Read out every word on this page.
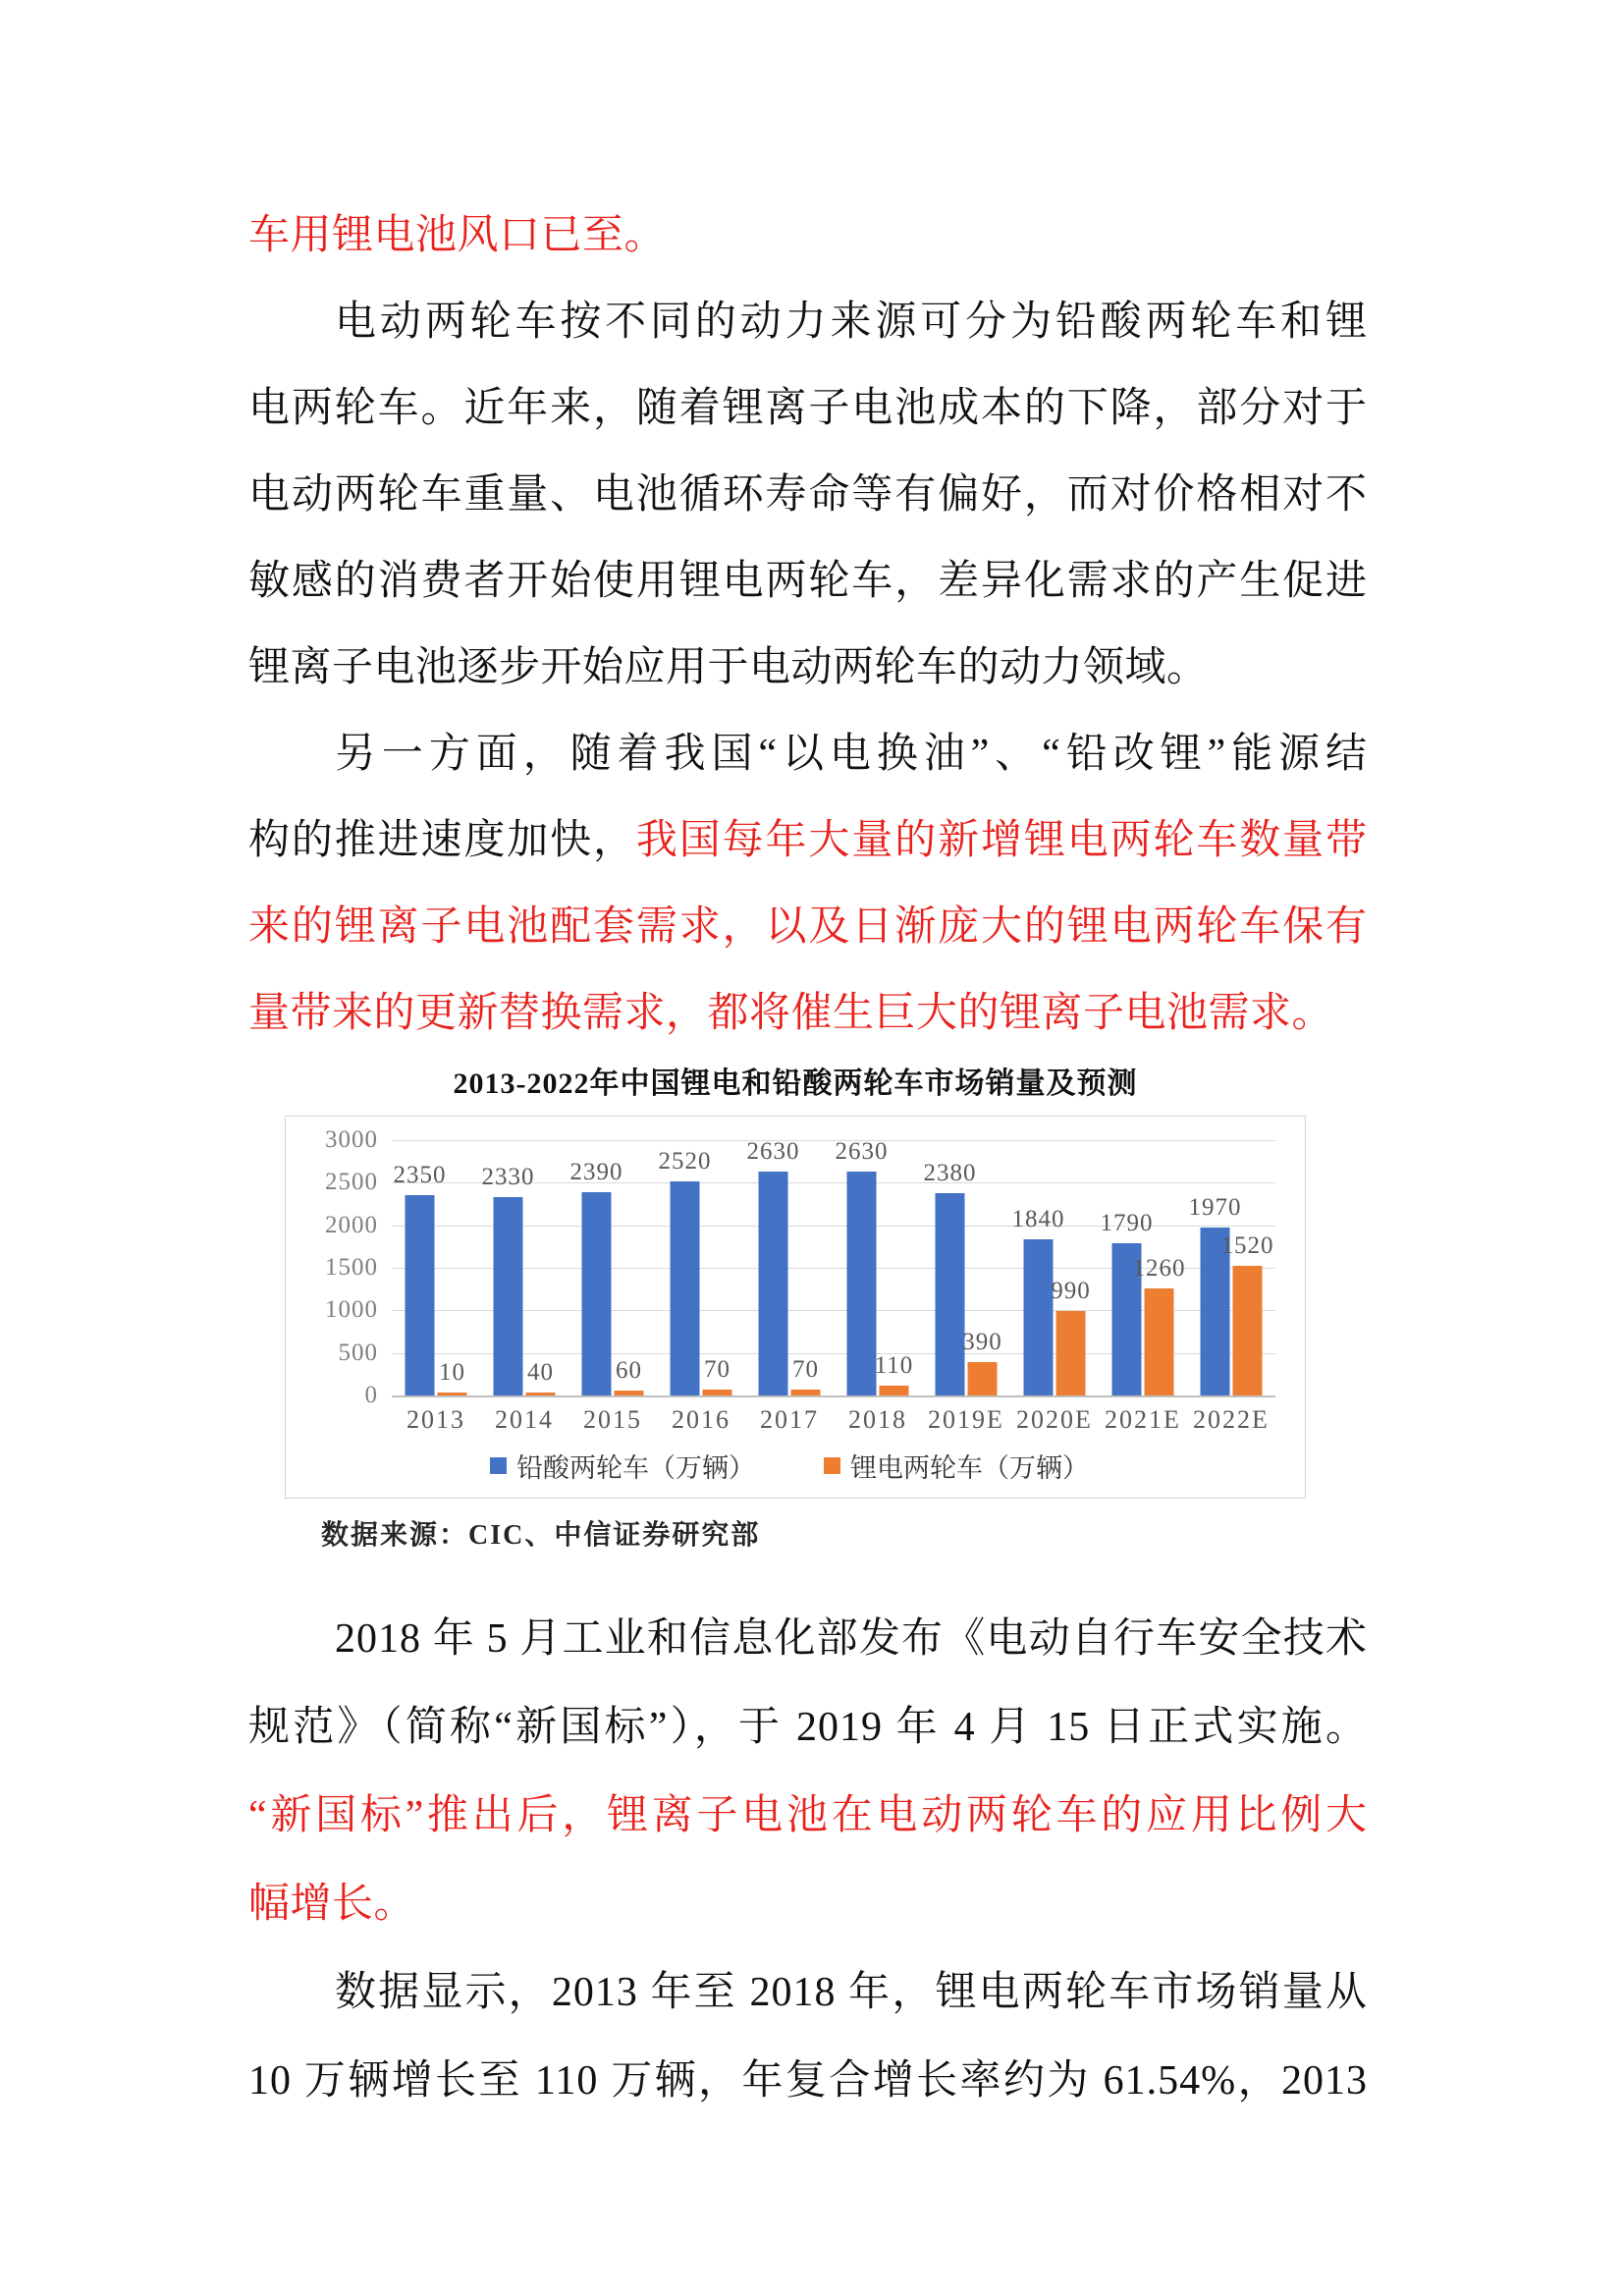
车用锂电池风口已至。
电动两轮车按不同的动力来源可分为铅酸两轮车和锂
电两轮车。近年来，随着锂离子电池成本的下降，部分对于
电动两轮车重量、电池循环寿命等有偏好，而对价格相对不
敏感的消费者开始使用锂电两轮车，差异化需求的产生促进
锂离子电池逐步开始应用于电动两轮车的动力领域。
另一方面，随着我国“以电换油”、“铅改锂”能源结
构的推进速度加快，我国每年大量的新增锂电两轮车数量带
来的锂离子电池配套需求，以及日渐庞大的锂电两轮车保有
量带来的更新替换需求，都将催生巨大的锂离子电池需求。
2013-2022年中国锂电和铅酸两轮车市场销量及预测
3000
2500
2000
1500
1000
500
0
2350
10
2330
40
2390
60
2520
70
2630
70
2630
110
2380
390
1840
990
1790
1260
1970
1520
2013	2014	2015	2016	2017	2018 2019E 2020E 2021E 2022E
铅酸两轮车（万辆）	锂电两轮车（万辆）
数据来源：CIC、中信证券研究部
2018 年 5 月工业和信息化部发布《电动自行车安全技术
规范》（简称“新国标”），于 2019 年 4 月 15 日正式实施。
“新国标”推出后，锂离子电池在电动两轮车的应用比例大
幅增长。
数据显示，2013 年至 2018 年，锂电两轮车市场销量从
10 万辆增长至 110 万辆，年复合增长率约为 61.54%，2013
